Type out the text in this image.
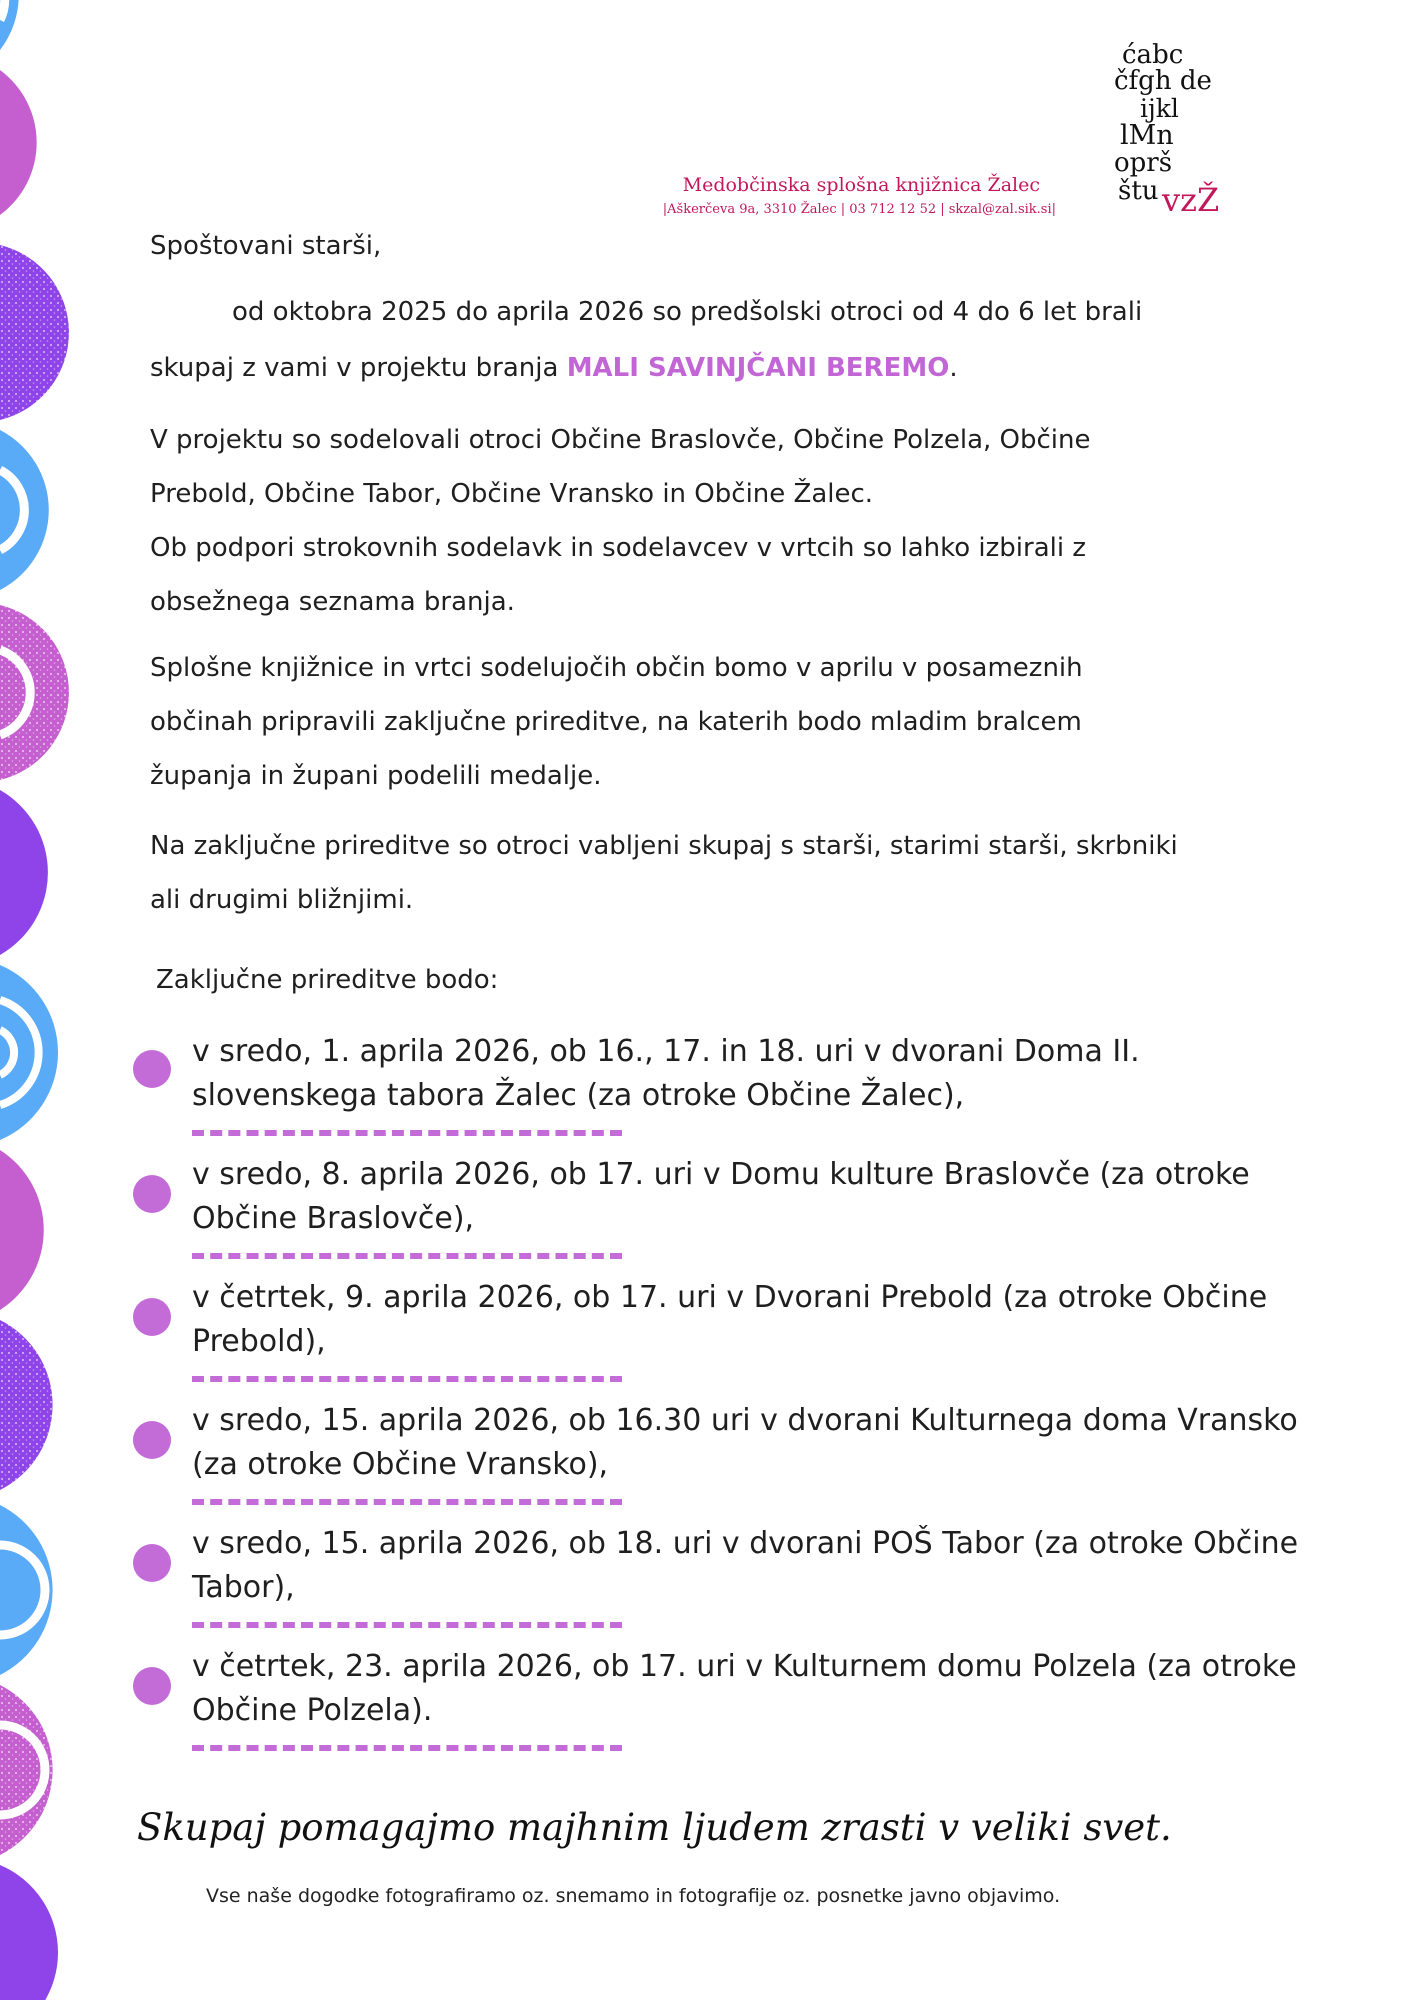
ćabc
čfgh de
ijkl
lMn
oprš
štu vzŽ
Medobčinska splošna knjižnica Žalec
|Aškerčeva 9a, 3310 Žalec | 03 712 12 52 | skzal@zal.sik.si|
Spoštovani starši,
od oktobra 2025 do aprila 2026 so predšolski otroci od 4 do 6 let brali
skupaj z vami v projektu branja MALI SAVINJČANI BEREMO.
V projektu so sodelovali otroci Občine Braslovče, Občine Polzela, Občine
Prebold, Občine Tabor, Občine Vransko in Občine Žalec.
Ob podpori strokovnih sodelavk in sodelavcev v vrtcih so lahko izbirali z
obsežnega seznama branja.
Splošne knjižnice in vrtci sodelujočih občin bomo v aprilu v posameznih
občinah pripravili zaključne prireditve, na katerih bodo mladim bralcem
županja in župani podelili medalje.
Na zaključne prireditve so otroci vabljeni skupaj s starši, starimi starši, skrbniki
ali drugimi bližnjimi.
Zaključne prireditve bodo:
v sredo, 1. aprila 2026, ob 16., 17. in 18. uri v dvorani Doma II.
slovenskega tabora Žalec (za otroke Občine Žalec),
v sredo, 8. aprila 2026, ob 17. uri v Domu kulture Braslovče (za otroke
Občine Braslovče),
v četrtek, 9. aprila 2026, ob 17. uri v Dvorani Prebold (za otroke Občine
Prebold),
v sredo, 15. aprila 2026, ob 16.30 uri v dvorani Kulturnega doma Vransko
(za otroke Občine Vransko),
v sredo, 15. aprila 2026, ob 18. uri v dvorani POŠ Tabor (za otroke Občine
Tabor),
v četrtek, 23. aprila 2026, ob 17. uri v Kulturnem domu Polzela (za otroke
Občine Polzela).
Skupaj pomagajmo majhnim ljudem zrasti v veliki svet.
Vse naše dogodke fotografiramo oz. snemamo in fotografije oz. posnetke javno objavimo.
